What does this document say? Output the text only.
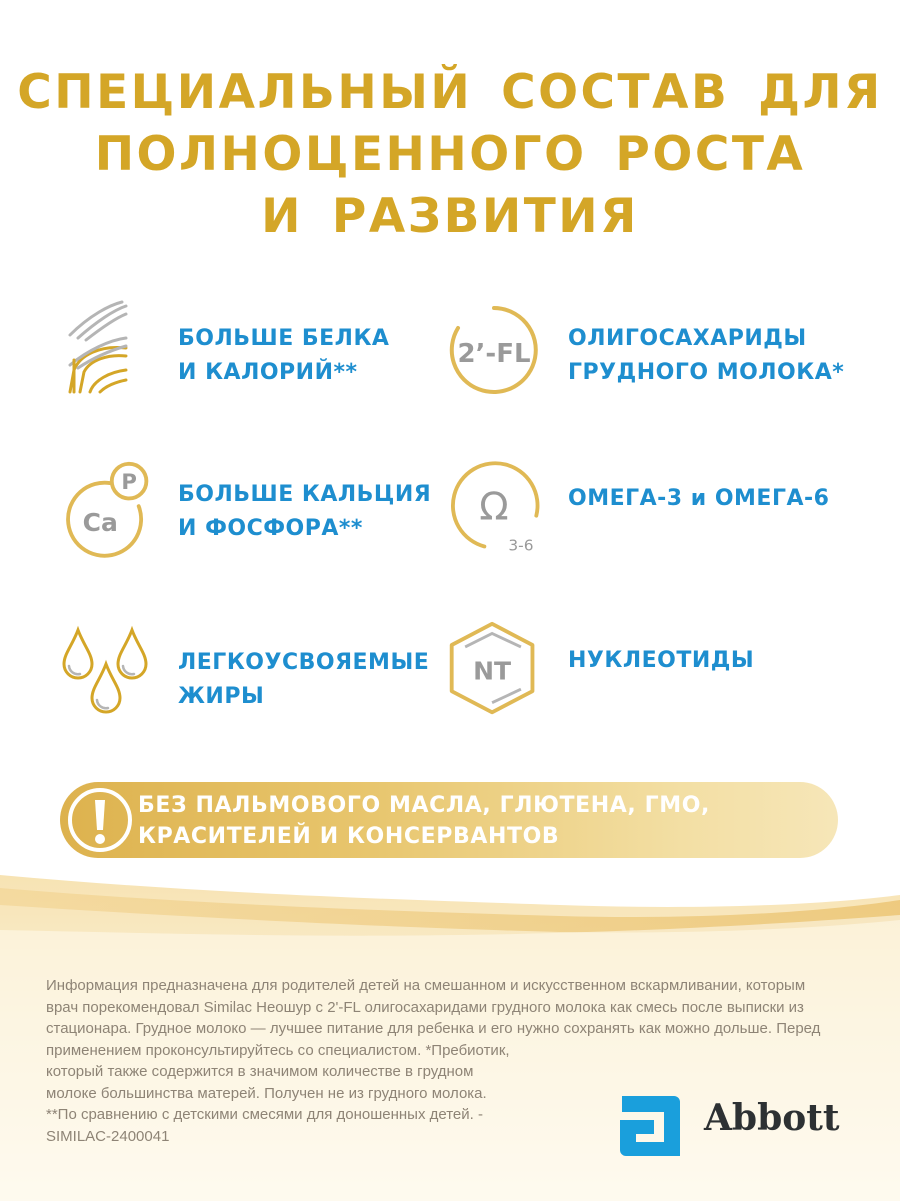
СПЕЦИАЛЬНЫЙ СОСТАВ ДЛЯ
ПОЛНОЦЕННОГО РОСТА
И РАЗВИТИЯ
БОЛЬШЕ БЕЛКА
И КАЛОРИЙ**
2’-FL
ОЛИГОСАХАРИДЫ
ГРУДНОГО МОЛОКА*
P
Ca
БОЛЬШЕ КАЛЬЦИЯ
И ФОСФОРА**	Ω
3-6
ОМЕГА-3 и ОМЕГА-6
ЛЕГКОУСВОЯЕМЫЕ
ЖИРЫ
NT	НУКЛЕОТИДЫ
БЕЗ ПАЛЬМОВОГО МАСЛА, ГЛЮТЕНА, ГМО,
КРАСИТЕЛЕЙ И КОНСЕРВАНТОВ
Информация предназначена для родителей детей на смешанном и искусственном вскармливании, которым
врач порекомендовал Similac Неошур с 2'-FL олигосахаридами грудного молока как смесь после выписки из
стационара. Грудное молоко — лучшее питание для ребенка и его нужно сохранять как можно дольше. Перед
применением проконсультируйтесь со специалистом. *Пребиотик,
который также содержится в значимом количестве в грудном
молоке большинства матерей. Получен не из грудного молока.
**По сравнению с детскими смесями для доношенных детей. -
SIMILAC-2400041	Abbott
